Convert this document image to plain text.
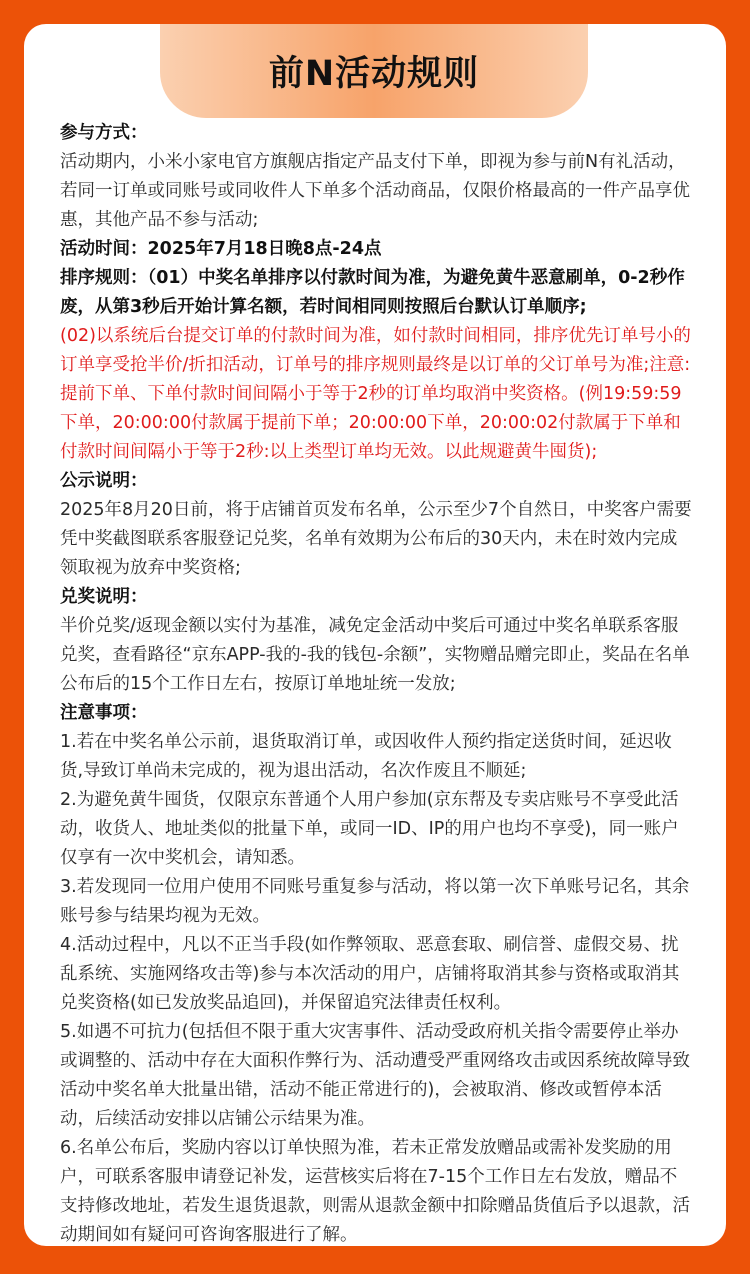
前N活动规则

参与方式：

活动期内，小米小家电官方旗舰店指定产品支付下单，即视为参与前N有礼活动，若同一订单或同账号或同收件人下单多个活动商品，仅限价格最高的一件产品享优惠，其他产品不参与活动;

活动时间：2025年7月18日晚8点-24点

排序规则：（01）中奖名单排序以付款时间为准，为避免黄牛恶意刷单，0-2秒作废，从第3秒后开始计算名额，若时间相同则按照后台默认订单顺序;

(02)以系统后台提交订单的付款时间为准，如付款时间相同，排序优先订单号小的订单享受抢半价/折扣活动，订单号的排序规则最终是以订单的父订单号为准;注意:提前下单、下单付款时间间隔小于等于2秒的订单均取消中奖资格。(例19:59:59下单，20:00:00付款属于提前下单；20:00:00下单，20:00:02付款属于下单和付款时间间隔小于等于2秒:以上类型订单均无效。以此规避黄牛囤货);

公示说明：

2025年8月20日前，将于店铺首页发布名单，公示至少7个自然日，中奖客户需要凭中奖截图联系客服登记兑奖，名单有效期为公布后的30天内，未在时效内完成领取视为放弃中奖资格;

兑奖说明：

半价兑奖/返现金额以实付为基准，减免定金活动中奖后可通过中奖名单联系客服兑奖，查看路径“京东APP-我的-我的钱包-余额”，实物赠品赠完即止，奖品在名单公布后的15个工作日左右，按原订单地址统一发放;

注意事项：

1.若在中奖名单公示前，退货取消订单，或因收件人预约指定送货时间，延迟收货,导致订单尚未完成的，视为退出活动，名次作废且不顺延;

2.为避免黄牛囤货，仅限京东普通个人用户参加(京东帮及专卖店账号不享受此活动，收货人、地址类似的批量下单，或同一ID、IP的用户也均不享受)，同一账户仅享有一次中奖机会，请知悉。

3.若发现同一位用户使用不同账号重复参与活动，将以第一次下单账号记名，其余账号参与结果均视为无效。

4.活动过程中，凡以不正当手段(如作弊领取、恶意套取、刷信誉、虚假交易、扰乱系统、实施网络攻击等)参与本次活动的用户，店铺将取消其参与资格或取消其兑奖资格(如已发放奖品追回)，并保留追究法律责任权利。

5.如遇不可抗力(包括但不限于重大灾害事件、活动受政府机关指令需要停止举办或调整的、活动中存在大面积作弊行为、活动遭受严重网络攻击或因系统故障导致活动中奖名单大批量出错，活动不能正常进行的)，会被取消、修改或暂停本活动，后续活动安排以店铺公示结果为准。

6.名单公布后，奖励内容以订单快照为准，若未正常发放赠品或需补发奖励的用户，可联系客服申请登记补发，运营核实后将在7-15个工作日左右发放，赠品不支持修改地址，若发生退货退款，则需从退款金额中扣除赠品货值后予以退款，活动期间如有疑问可咨询客服进行了解。
